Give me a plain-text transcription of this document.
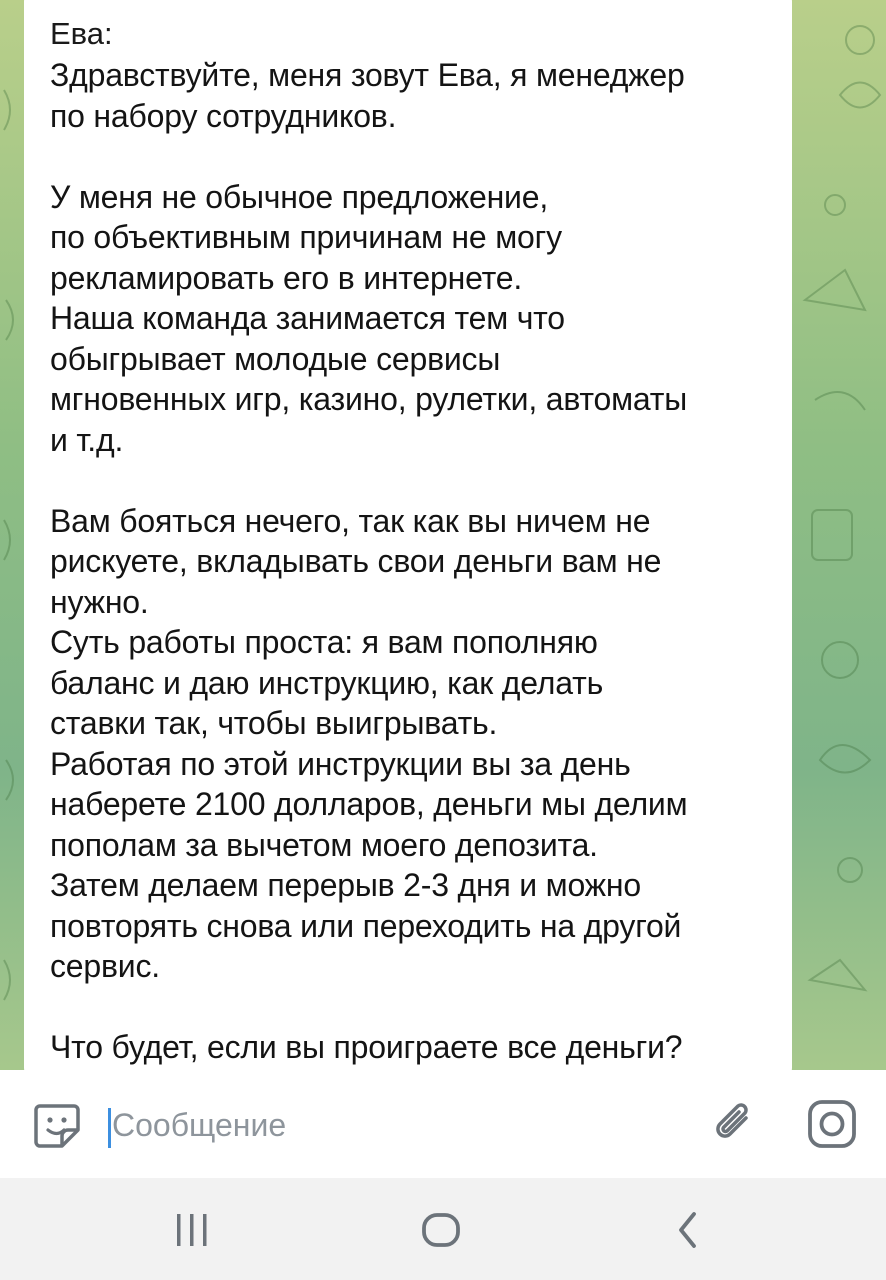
Ева:

Здравствуйте, меня зовут Ева, я менеджер

по набору сотрудников.

У меня не обычное предложение,

по объективным причинам не могу

рекламировать его в интернете.

Наша команда занимается тем что

обыгрывает молодые сервисы

мгновенных игр, казино, рулетки, автоматы

и т.д.

Вам бояться нечего, так как вы ничем не

рискуете, вкладывать свои деньги вам не

нужно.

Суть работы проста: я вам пополняю

баланс и даю инструкцию, как делать

ставки так, чтобы выигрывать.

Работая по этой инструкции вы за день

наберете 2100 долларов, деньги мы делим

пополам за вычетом моего депозита.

Затем делаем перерыв 2-3 дня и можно

повторять снова или переходить на другой

сервис.

Что будет, если вы проиграете все деньги?

Сообщение
